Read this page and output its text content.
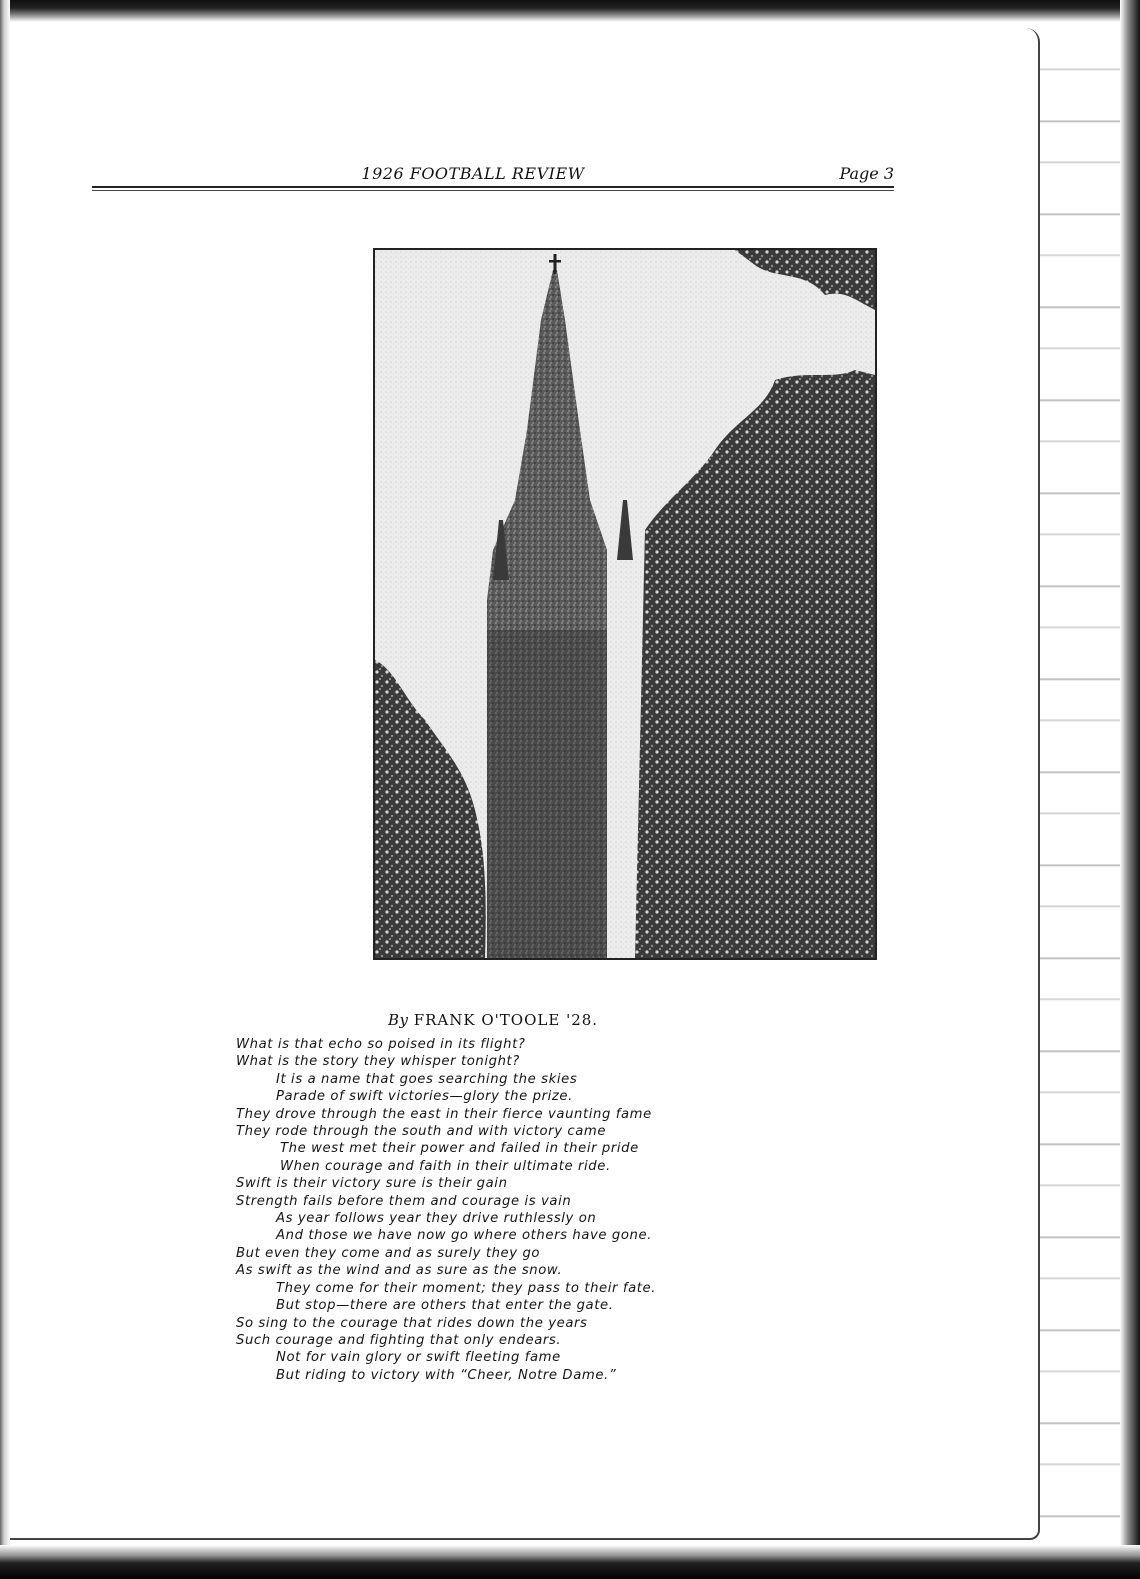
1926 FOOTBALL REVIEW	Page 3
By FRANK O'TOOLE '28.
What is that echo so poised in its flight?
What is the story they whisper tonight?
It is a name that goes searching the skies
Parade of swift victories—glory the prize.
They drove through the east in their fierce vaunting fame
They rode through the south and with victory came
The west met their power and failed in their pride
When courage and faith in their ultimate ride.
Swift is their victory sure is their gain
Strength fails before them and courage is vain
As year follows year they drive ruthlessly on
And those we have now go where others have gone.
But even they come and as surely they go
As swift as the wind and as sure as the snow.
They come for their moment; they pass to their fate.
But stop—there are others that enter the gate.
So sing to the courage that rides down the years
Such courage and fighting that only endears.
Not for vain glory or swift fleeting fame
But riding to victory with “Cheer, Notre Dame.”
